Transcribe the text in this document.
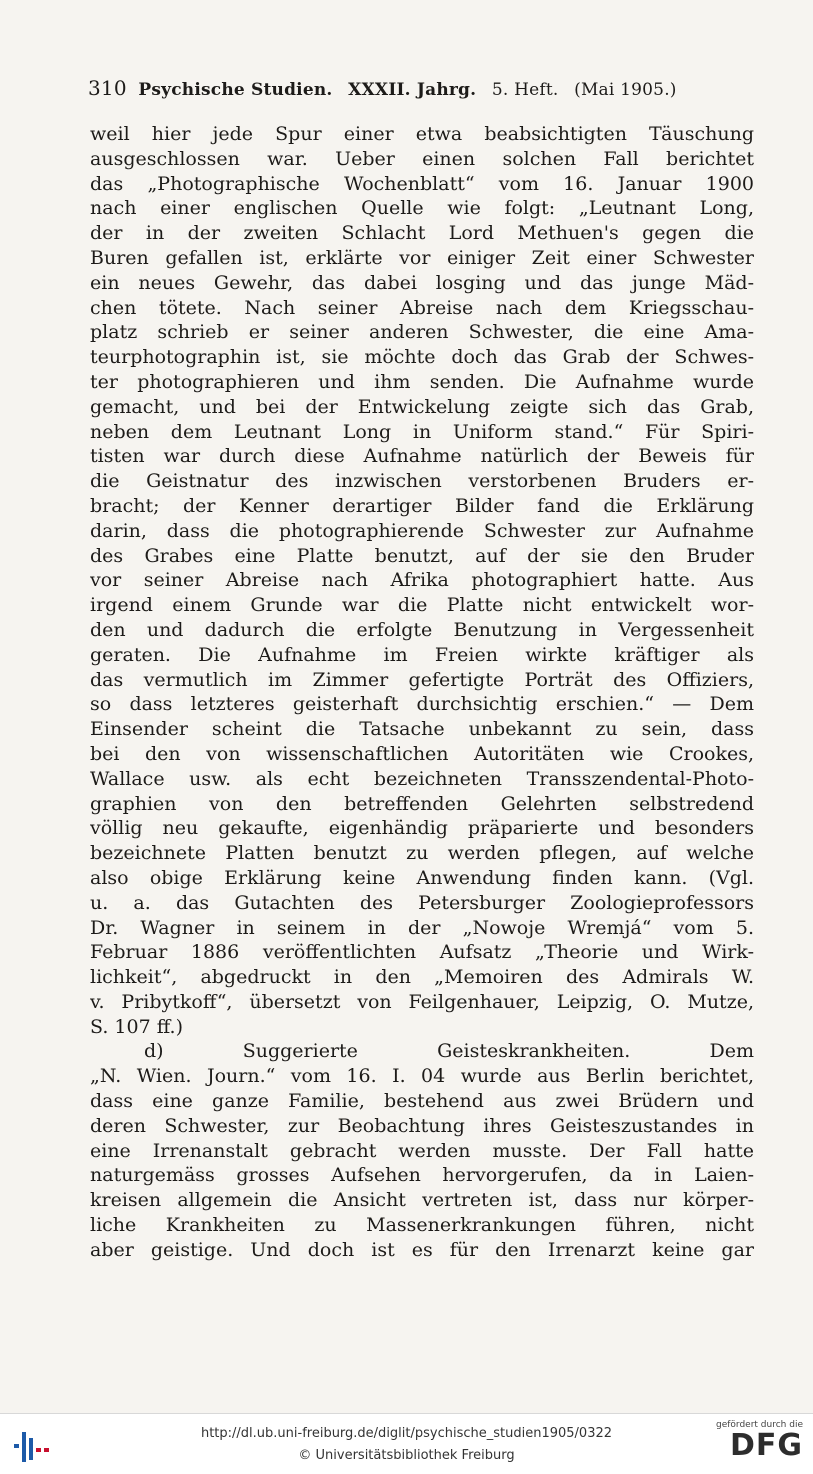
310 Psychische Studien. XXXII. Jahrg. 5. Heft. (Mai 1905.)
weil hier jede Spur einer etwa beabsichtigten Täuschung
ausgeschlossen war. Ueber einen solchen Fall berichtet
das „Photographische Wochenblatt“ vom 16. Januar 1900
nach einer englischen Quelle wie folgt: „Leutnant Long,
der in der zweiten Schlacht Lord Methuen's gegen die
Buren gefallen ist, erklärte vor einiger Zeit einer Schwester
ein neues Gewehr, das dabei losging und das junge Mäd-
chen tötete. Nach seiner Abreise nach dem Kriegsschau-
platz schrieb er seiner anderen Schwester, die eine Ama-
teurphotographin ist, sie möchte doch das Grab der Schwes-
ter photographieren und ihm senden. Die Aufnahme wurde
gemacht, und bei der Entwickelung zeigte sich das Grab,
neben dem Leutnant Long in Uniform stand.“ Für Spiri-
tisten war durch diese Aufnahme natürlich der Beweis für
die Geistnatur des inzwischen verstorbenen Bruders er-
bracht; der Kenner derartiger Bilder fand die Erklärung
darin, dass die photographierende Schwester zur Aufnahme
des Grabes eine Platte benutzt, auf der sie den Bruder
vor seiner Abreise nach Afrika photographiert hatte. Aus
irgend einem Grunde war die Platte nicht entwickelt wor-
den und dadurch die erfolgte Benutzung in Vergessenheit
geraten. Die Aufnahme im Freien wirkte kräftiger als
das vermutlich im Zimmer gefertigte Porträt des Offiziers,
so dass letzteres geisterhaft durchsichtig erschien.“ — Dem
Einsender scheint die Tatsache unbekannt zu sein, dass
bei den von wissenschaftlichen Autoritäten wie Crookes,
Wallace usw. als echt bezeichneten Transszendental-Photo-
graphien von den betreffenden Gelehrten selbstredend
völlig neu gekaufte, eigenhändig präparierte und besonders
bezeichnete Platten benutzt zu werden pflegen, auf welche
also obige Erklärung keine Anwendung finden kann. (Vgl.
u. a. das Gutachten des Petersburger Zoologieprofessors
Dr. Wagner in seinem in der „Nowoje Wremjá“ vom 5.
Februar 1886 veröffentlichten Aufsatz „Theorie und Wirk-
lichkeit“, abgedruckt in den „Memoiren des Admirals W.
v. Pribytkoff“, übersetzt von Feilgenhauer, Leipzig, O. Mutze,
S. 107 ff.)
d) Suggerierte Geisteskrankheiten. Dem
„N. Wien. Journ.“ vom 16. I. 04 wurde aus Berlin berichtet,
dass eine ganze Familie, bestehend aus zwei Brüdern und
deren Schwester, zur Beobachtung ihres Geisteszustandes in
eine Irrenanstalt gebracht werden musste. Der Fall hatte
naturgemäss grosses Aufsehen hervorgerufen, da in Laien-
kreisen allgemein die Ansicht vertreten ist, dass nur körper-
liche Krankheiten zu Massenerkrankungen führen, nicht
aber geistige. Und doch ist es für den Irrenarzt keine gar
http://dl.ub.uni-freiburg.de/diglit/psychische_studien1905/0322
© Universitätsbibliothek Freiburg
gefördert durch die
DFG
